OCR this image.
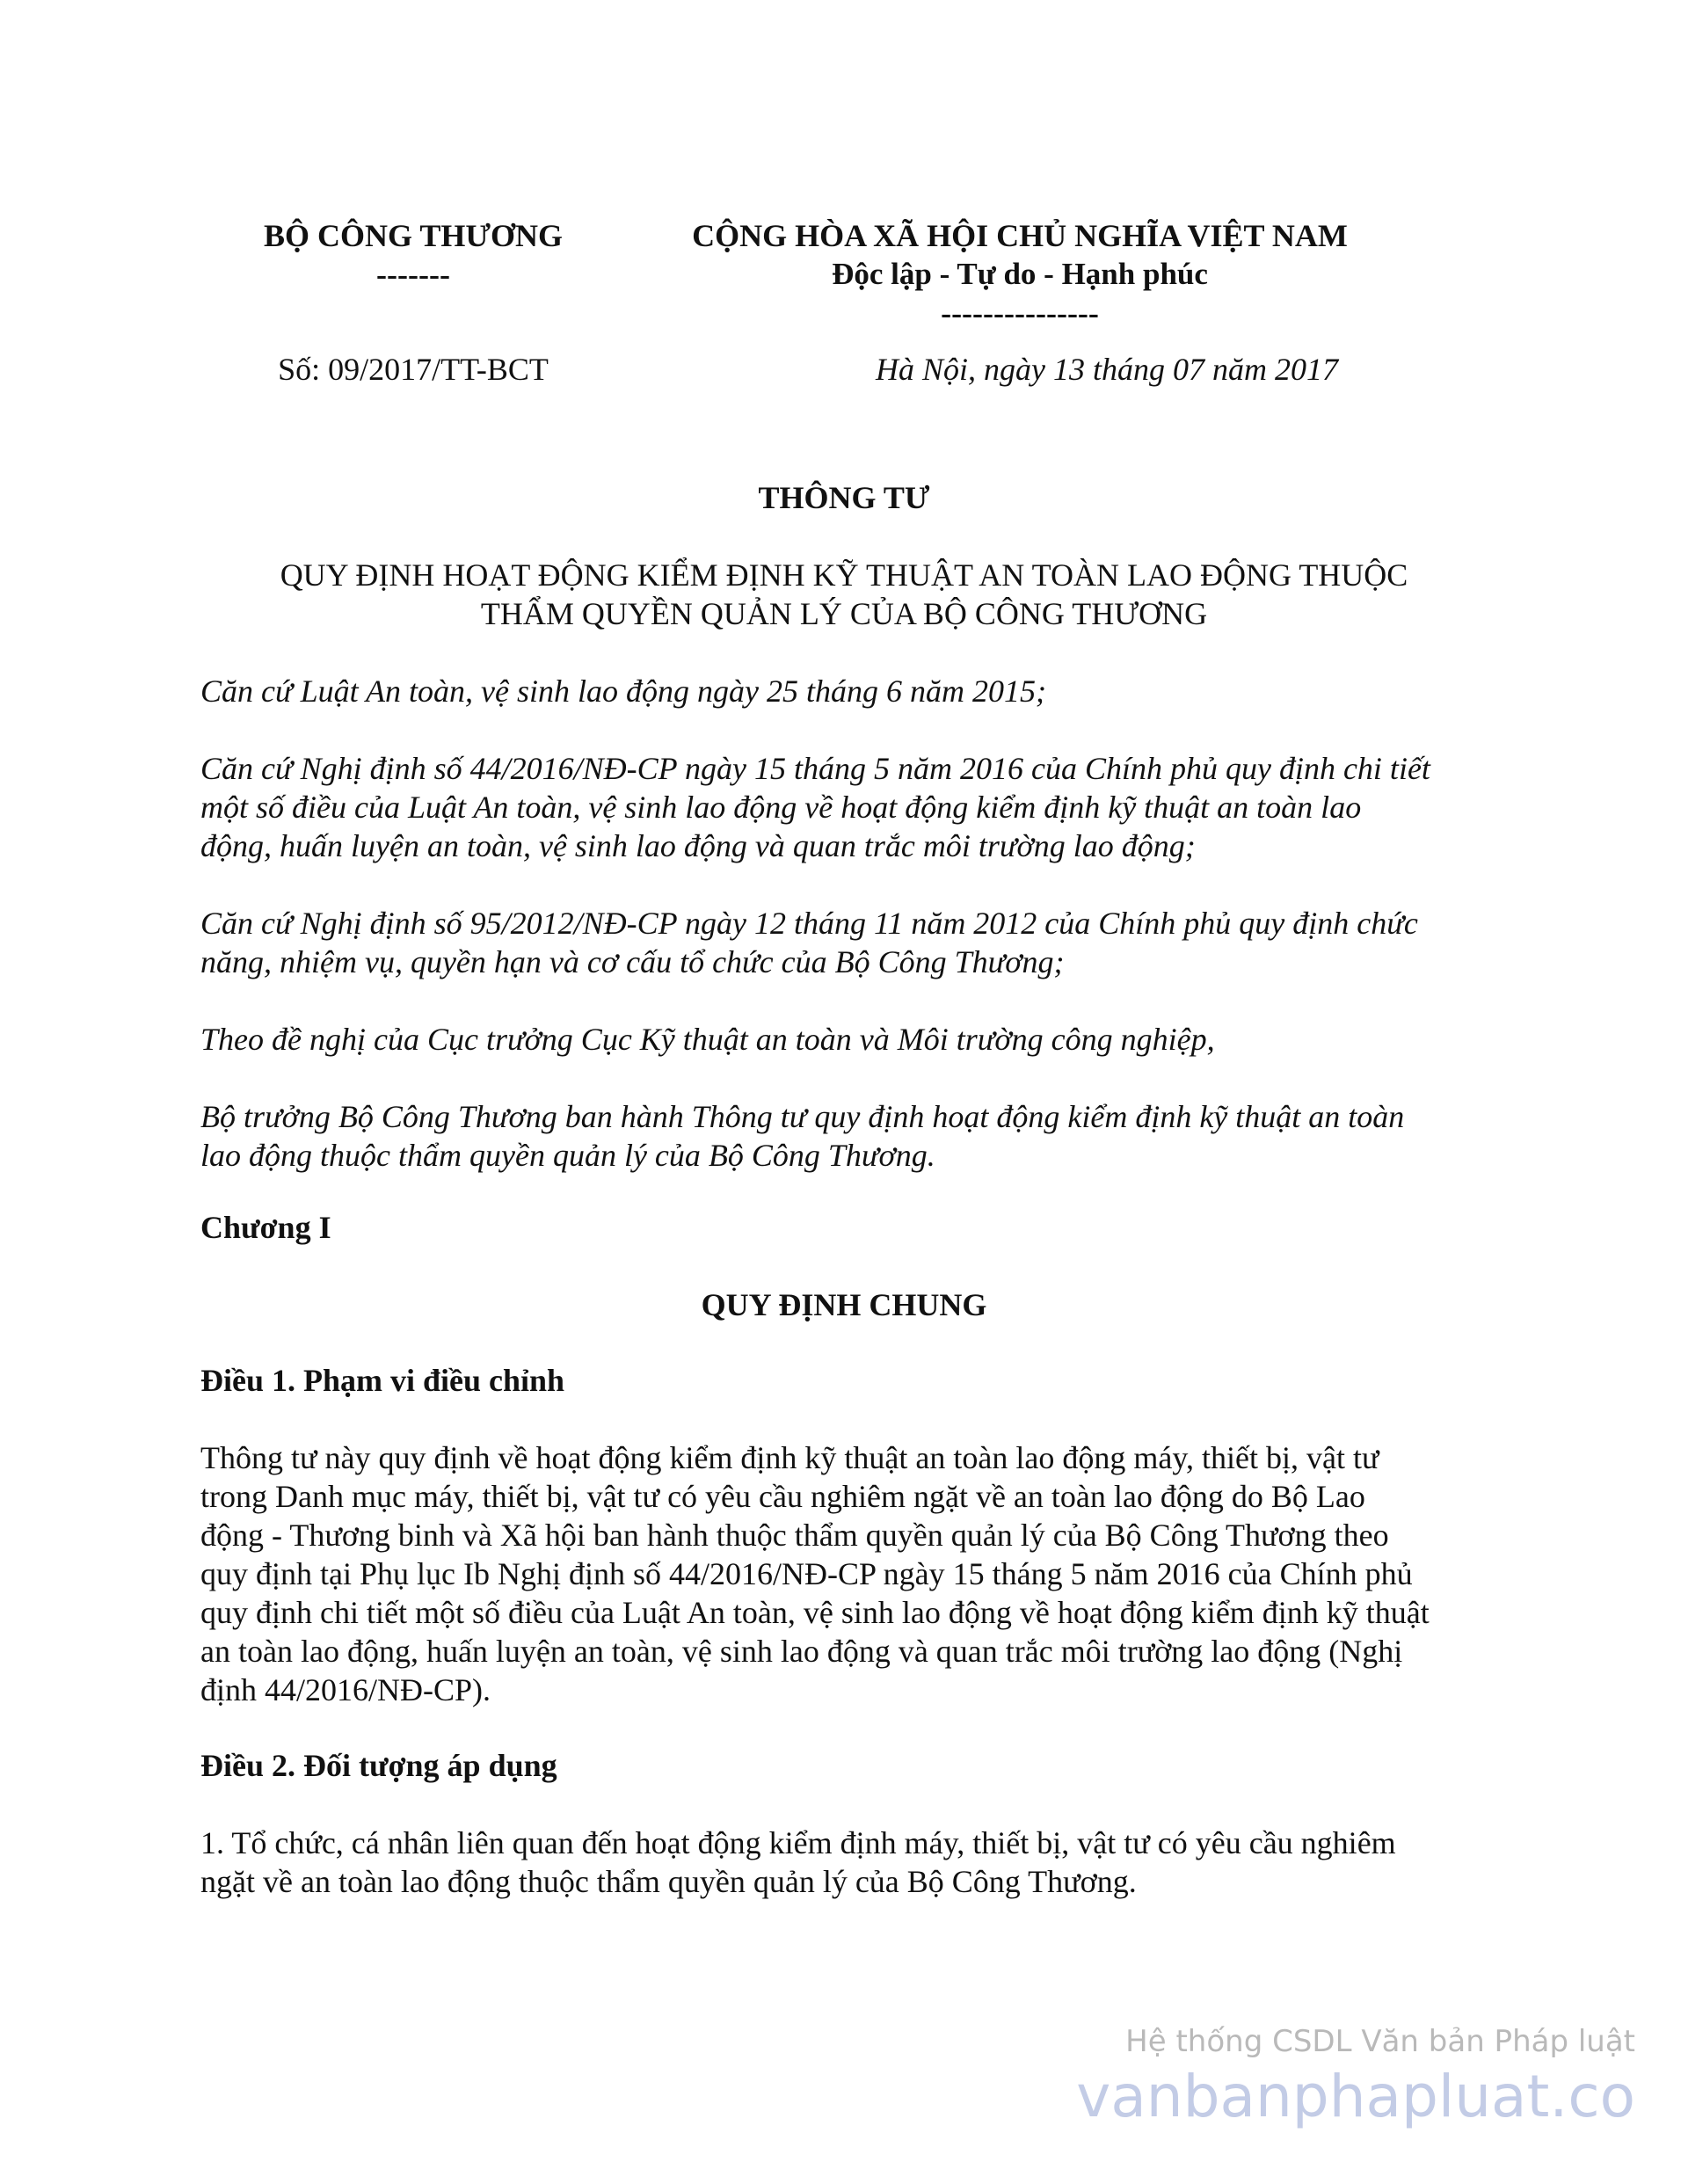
BỘ CÔNG THƯƠNG
-------
CỘNG HÒA XÃ HỘI CHỦ NGHĨA VIỆT NAM
Độc lập - Tự do - Hạnh phúc
---------------
Số: 09/2017/TT-BCT	Hà Nội, ngày 13 tháng 07 năm 2017
THÔNG TƯ
QUY ĐỊNH HOẠT ĐỘNG KIỂM ĐỊNH KỸ THUẬT AN TOÀN LAO ĐỘNG THUỘC
THẨM QUYỀN QUẢN LÝ CỦA BỘ CÔNG THƯƠNG
Căn cứ Luật An toàn, vệ sinh lao động ngày 25 tháng 6 năm 2015;
Căn cứ Nghị định số 44/2016/NĐ-CP ngày 15 tháng 5 năm 2016 của Chính phủ quy định chi tiết
một số điều của Luật An toàn, vệ sinh lao động về hoạt động kiểm định kỹ thuật an toàn lao
động, huấn luyện an toàn, vệ sinh lao động và quan trắc môi trường lao động;
Căn cứ Nghị định số 95/2012/NĐ-CP ngày 12 tháng 11 năm 2012 của Chính phủ quy định chức
năng, nhiệm vụ, quyền hạn và cơ cấu tổ chức của Bộ Công Thương;
Theo đề nghị của Cục trưởng Cục Kỹ thuật an toàn và Môi trường công nghiệp,
Bộ trưởng Bộ Công Thương ban hành Thông tư quy định hoạt động kiểm định kỹ thuật an toàn
lao động thuộc thẩm quyền quản lý của Bộ Công Thương.
Chương I
QUY ĐỊNH CHUNG
Điều 1. Phạm vi điều chỉnh
Thông tư này quy định về hoạt động kiểm định kỹ thuật an toàn lao động máy, thiết bị, vật tư
trong Danh mục máy, thiết bị, vật tư có yêu cầu nghiêm ngặt về an toàn lao động do Bộ Lao
động - Thương binh và Xã hội ban hành thuộc thẩm quyền quản lý của Bộ Công Thương theo
quy định tại Phụ lục Ib Nghị định số 44/2016/NĐ-CP ngày 15 tháng 5 năm 2016 của Chính phủ
quy định chi tiết một số điều của Luật An toàn, vệ sinh lao động về hoạt động kiểm định kỹ thuật
an toàn lao động, huấn luyện an toàn, vệ sinh lao động và quan trắc môi trường lao động (Nghị
định 44/2016/NĐ-CP).
Điều 2. Đối tượng áp dụng
1. Tổ chức, cá nhân liên quan đến hoạt động kiểm định máy, thiết bị, vật tư có yêu cầu nghiêm
ngặt về an toàn lao động thuộc thẩm quyền quản lý của Bộ Công Thương.
Hệ thống CSDL Văn bản Pháp luật
vanbanphapluat.co
